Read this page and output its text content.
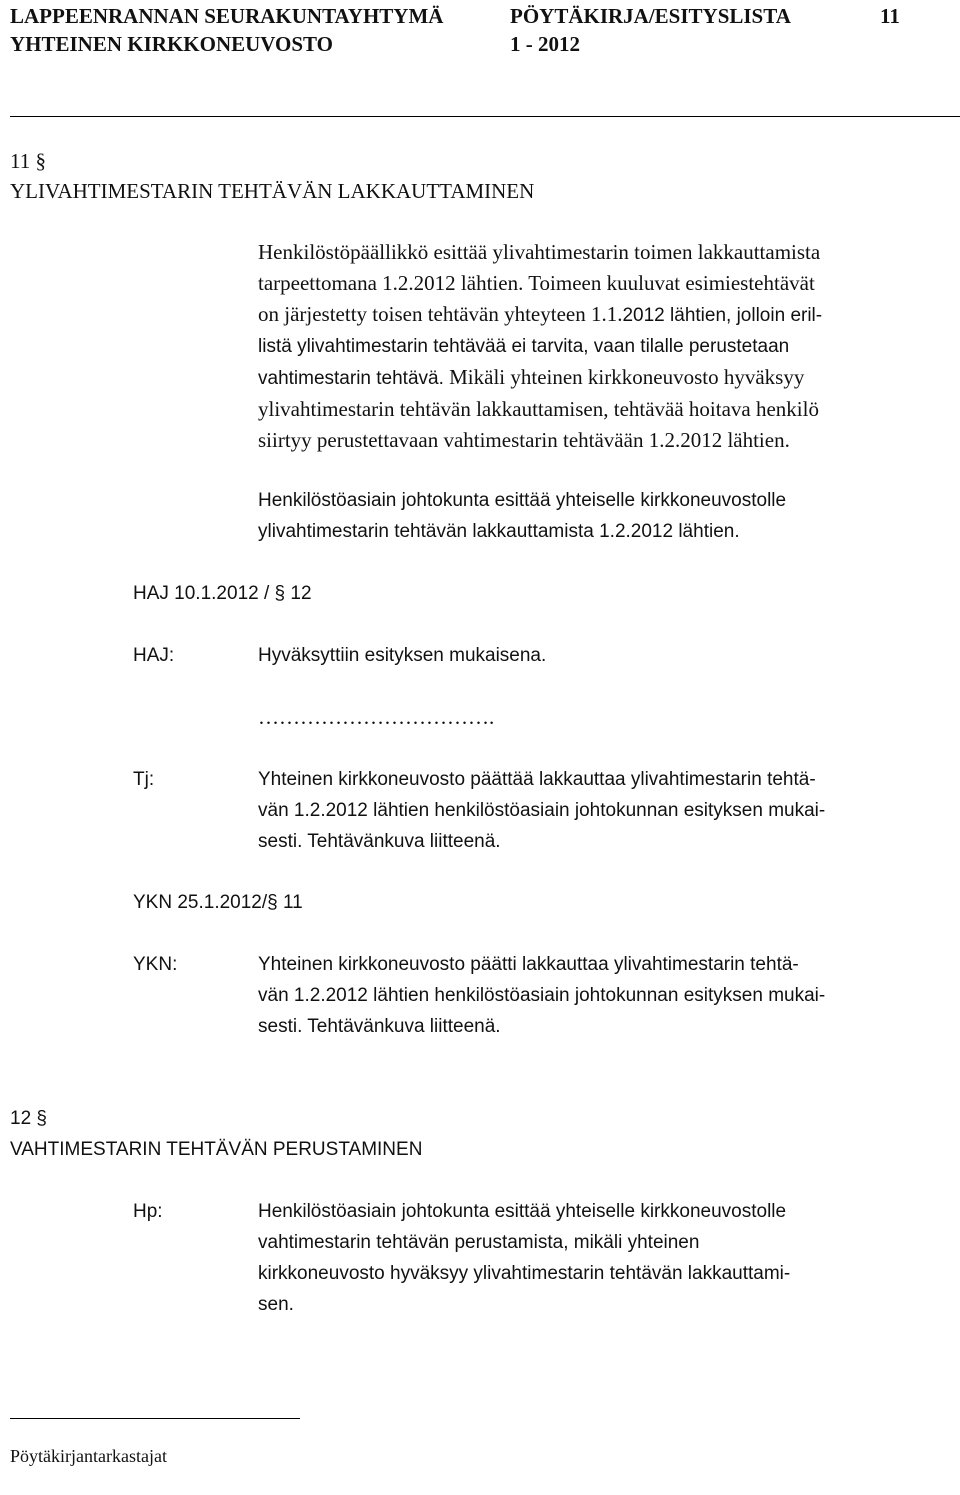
LAPPEENRANNAN SEURAKUNTAYHTYMÄ
YHTEINEN KIRKKONEUVOSTO
PÖYTÄKIRJA/ESITYSLISTA
1 - 2012
11
11 §
YLIVAHTIMESTARIN TEHTÄVÄN LAKKAUTTAMINEN
Henkilöstöpäällikkö esittää ylivahtimestarin toimen lakkauttamista
tarpeettomana 1.2.2012 lähtien. Toimeen kuuluvat esimiestehtävät
on järjestetty toisen tehtävän yhteyteen 1.1.2012 lähtien, jolloin eril-
listä ylivahtimestarin tehtävää ei tarvita, vaan tilalle perustetaan
vahtimestarin tehtävä. Mikäli yhteinen kirkkoneuvosto hyväksyy
ylivahtimestarin tehtävän lakkauttamisen, tehtävää hoitava henkilö
siirtyy perustettavaan vahtimestarin tehtävään 1.2.2012 lähtien.
Henkilöstöasiain johtokunta esittää yhteiselle kirkkoneuvostolle
ylivahtimestarin tehtävän lakkauttamista 1.2.2012 lähtien.
HAJ 10.1.2012 / § 12
HAJ:	Hyväksyttiin esityksen mukaisena.
…………………………….
Tj:	Yhteinen kirkkoneuvosto päättää lakkauttaa ylivahtimestarin tehtä-
vän 1.2.2012 lähtien henkilöstöasiain johtokunnan esityksen mukai-
sesti. Tehtävänkuva liitteenä.
YKN 25.1.2012/§ 11
YKN:	Yhteinen kirkkoneuvosto päätti lakkauttaa ylivahtimestarin tehtä-
vän 1.2.2012 lähtien henkilöstöasiain johtokunnan esityksen mukai-
sesti. Tehtävänkuva liitteenä.
12 §
VAHTIMESTARIN TEHTÄVÄN PERUSTAMINEN
Hp:	Henkilöstöasiain johtokunta esittää yhteiselle kirkkoneuvostolle
vahtimestarin tehtävän perustamista, mikäli yhteinen
kirkkoneuvosto hyväksyy ylivahtimestarin tehtävän lakkauttami-
sen.
Pöytäkirjantarkastajat
